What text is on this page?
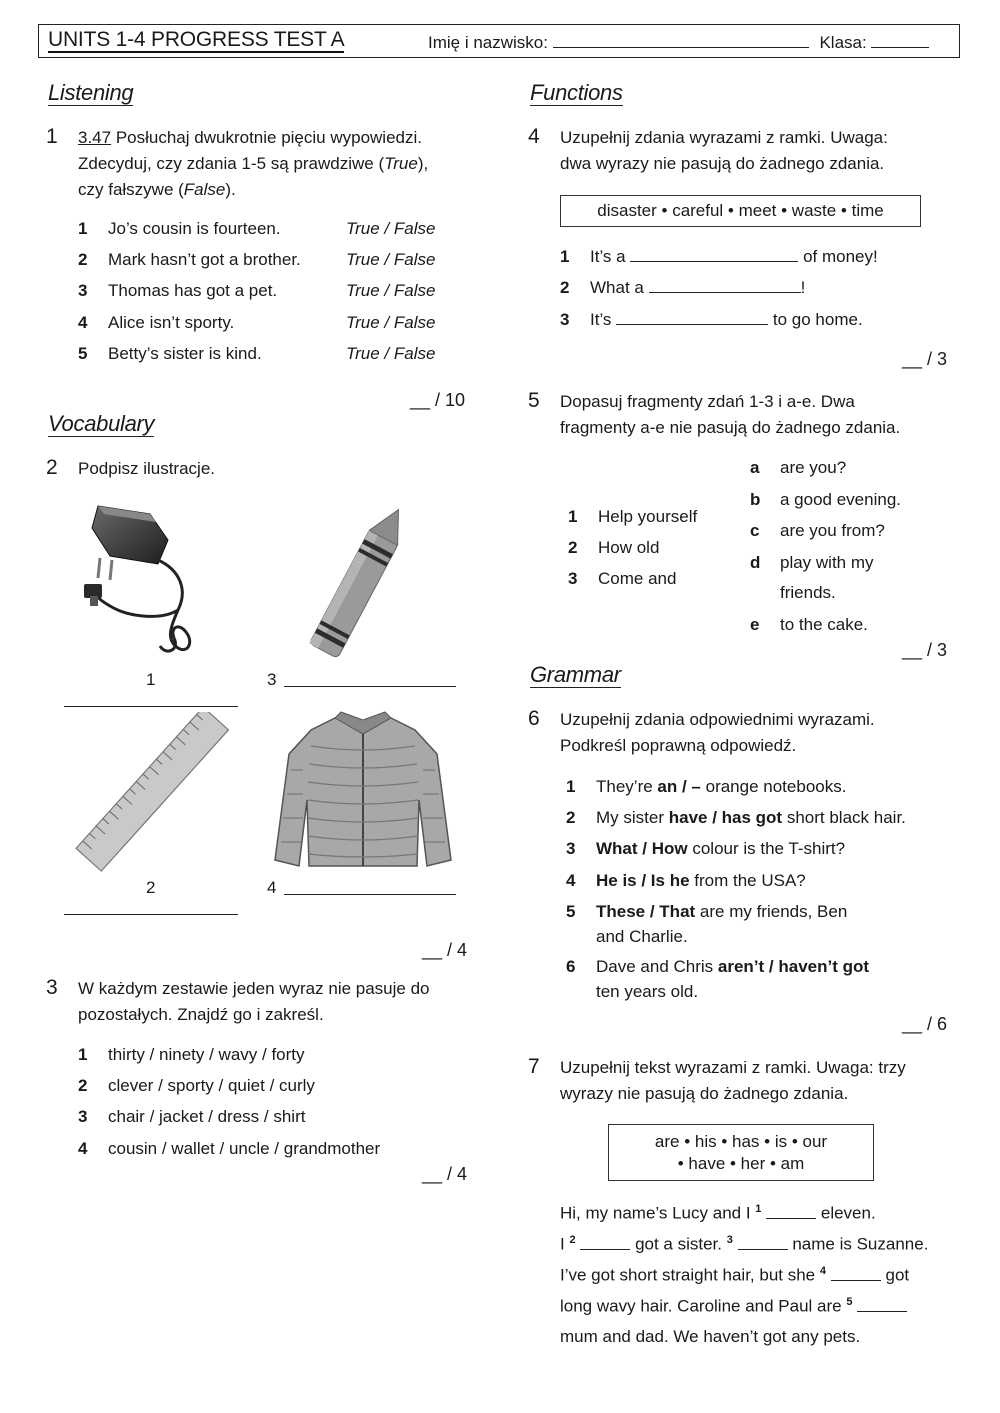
UNITS 1-4 PROGRESS TEST A	Imię i nazwisko:	Klasa:
Listening
1 3.47 Posłuchaj dwukrotnie pięciu wypowiedzi.
Zdecyduj, czy zdania 1-5 są prawdziwe (True),
czy fałszywe (False).
1 Jo’s cousin is fourteen.	True / False
2 Mark hasn’t got a brother.	True / False
3 Thomas has got a pet.	True / False
4 Alice isn’t sporty.	True / False
5 Betty’s sister is kind.	True / False
__ / 10
Vocabulary
2 Podpisz ilustracje.
1	3
2	4
__ / 4
3 W każdym zestawie jeden wyraz nie pasuje do
pozostałych. Znajdź go i zakreśl.
1 thirty / ninety / wavy / forty
2 clever / sporty / quiet / curly
3 chair / jacket / dress / shirt
4 cousin / wallet / uncle / grandmother
__ / 4
Functions
4 Uzupełnij zdania wyrazami z ramki. Uwaga:
dwa wyrazy nie pasują do żadnego zdania.
disaster • careful • meet • waste • time
1 It’s a	of money!
2 What a	!
3 It’s	to go home.
__ / 3
5 Dopasuj fragmenty zdań 1-3 i a-e. Dwa
fragmenty a-e nie pasują do żadnego zdania.
1 Help yourself
2 How old
3 Come and
a are you?
b a good evening.
c are you from?
d play with my
friends.
e to the cake.
__ / 3
Grammar
6 Uzupełnij zdania odpowiednimi wyrazami.
Podkreśl poprawną odpowiedź.
1 They’re an / – orange notebooks.
2 My sister have / has got short black hair.
3 What / How colour is the T-shirt?
4 He is / Is he from the USA?
5 These / That are my friends, Ben
and Charlie.
6 Dave and Chris aren’t / haven’t got
ten years old.
__ / 6
7 Uzupełnij tekst wyrazami z ramki. Uwaga: trzy
wyrazy nie pasują do żadnego zdania.
are • his • has • is • our
• have • her • am
Hi, my name’s Lucy and I $^1$	eleven.
I $^2$	got a sister. $^3$	name is Suzanne.
I’ve got short straight hair, but she $^4$	got
long wavy hair. Caroline and Paul are $^5$
mum and dad. We haven’t got any pets.
